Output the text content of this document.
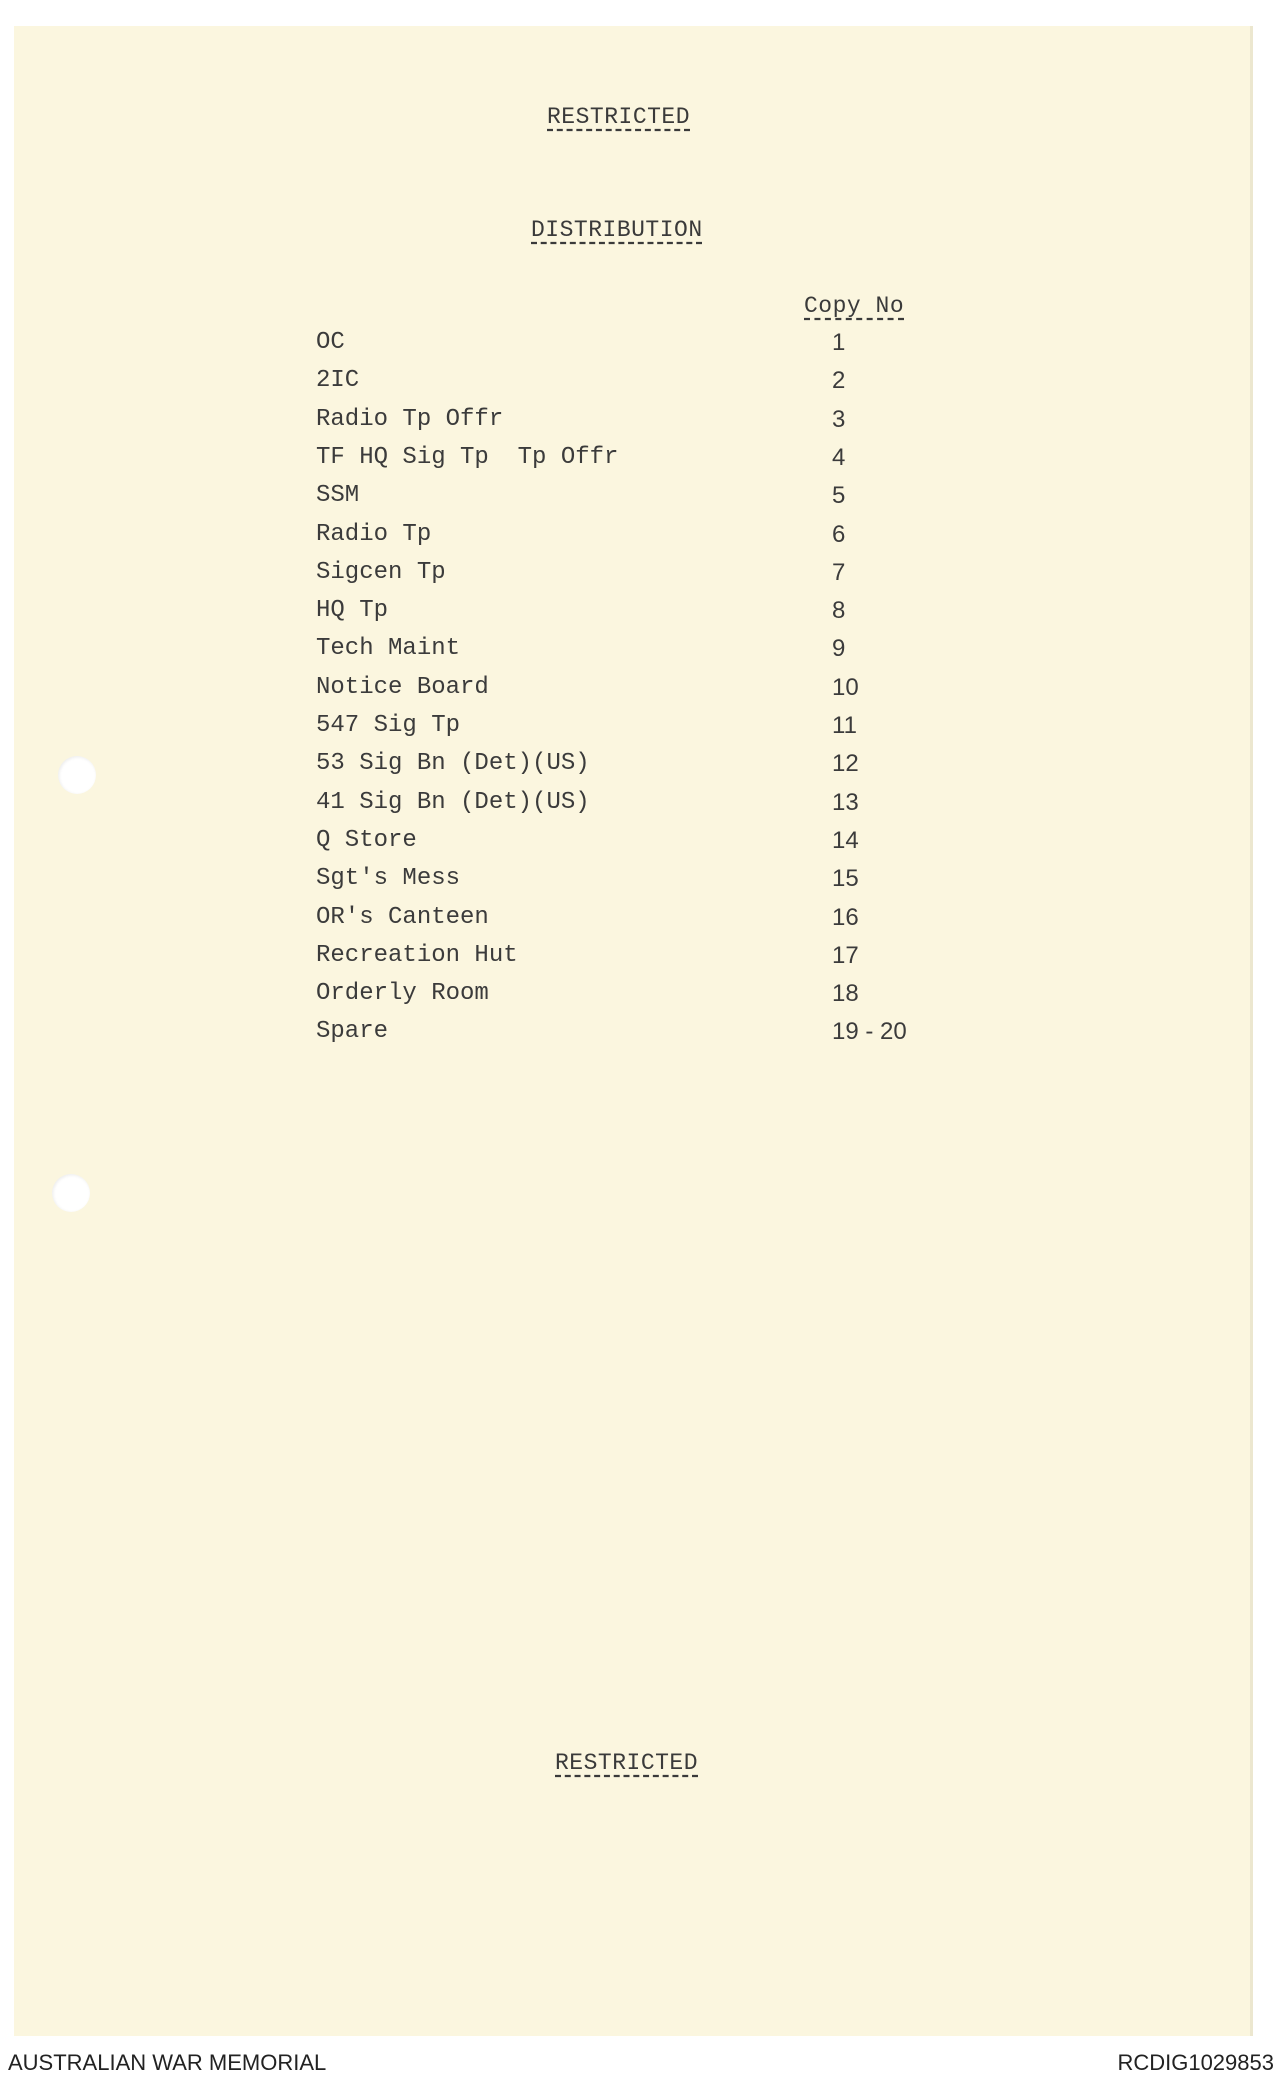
RESTRICTED
DISTRIBUTION
Copy No
OC	1
2IC	2
Radio Tp Offr	3
TF HQ Sig Tp  Tp Offr	4
SSM	5
Radio Tp	6
Sigcen Tp	7
HQ Tp	8
Tech Maint	9
Notice Board	10
547 Sig Tp	11
53 Sig Bn (Det)(US)	12
41 Sig Bn (Det)(US)	13
Q Store	14
Sgt's Mess	15
OR's Canteen	16
Recreation Hut	17
Orderly Room	18
Spare	19 - 20
RESTRICTED
AUSTRALIAN WAR MEMORIAL	RCDIG1029853
